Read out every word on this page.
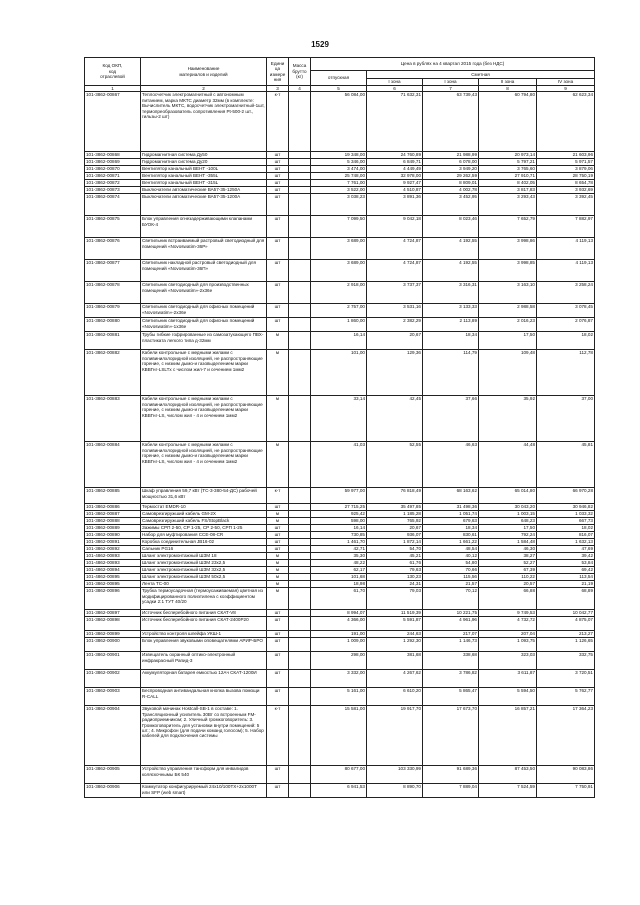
1529
Код ОКП,
код
отраслевой	Наименование
материалов и изделий	Едини
ца
измере
ния	Масса
брутто
(кг)	Цена в рублях на 4 квартал 2015 года (без НДС)				
				отпускная	Сметная			
					I зона	I зона	II зона	IV зона
1	2	3	4	5	6	7	8	9
101-3862-00867	Теплосчетчик электромагнитный с автономным питанием, марка МКТС диаметр 32мм (в комплекте: Вычислитель МКТС, водосчетчик электромагнитный-1шт, термопреобразователь сопротивления Pt-500-2 шт., гильзы-2 шт)	к-т		56 084,00	71 632,31	63 739,43	60 794,80	62 623,34
101-3862-00868	Гидромагнитная система Ду50	шт		19 348,00	24 760,89	21 988,99	20 973,14	21 603,96
101-3862-00869	Гидромагнитная система Ду20	шт		5 346,00	6 849,71	6 078,00	5 797,21	5 971,57
101-3862-00870	Вентилятор канальный ВЕНТ -100L	шт		3 474,00	4 449,49	3 949,20	3 765,60	3 879,06
101-3862-00871	Вентилятор канальный ВЕНТ -355L	шт		25 748,00	32 978,00	29 262,59	27 910,71	28 750,19
101-3862-00872	Вентилятор канальный ВЕНТ -315L	шт		7 761,00	9 927,47	8 809,01	8 402,05	8 654,78
101-3862-00873	Выключатели автоматические ВА57-35-1250А	шт		3 522,00	4 510,87	4 002,78	3 817,83	3 932,69
101-3862-00874	Выключатели автоматические ВА57-35-1200А	шт		3 038,23	3 891,36	3 452,95	3 293,43	3 392,45
101-3862-00875	Блок управления огнезадерживающими клапанами БУОК-4	шт		7 099,50	9 042,18	8 023,46	7 652,79	7 882,97
101-3862-00876	Светильник встраиваемый растровый светодиодный для помещений «Novoswatim-36Р»	шт		3 689,00	4 724,87	4 192,55	3 998,86	4 119,13
101-3862-00877	Светильник накладной растровый светодиодный для помещений «Novoswatim-36П»	шт		3 689,00	4 724,87	4 192,55	3 998,85	4 119,13
101-3862-00878	Светильник светодиодный для производственных помещений «Novoswatim»-2х36е	шт		2 918,00	3 737,37	3 316,31	3 163,10	3 258,24
101-3862-00879	Светильник светодиодный для офисных помещений «Novoswatim»-2х36е	шт		2 757,00	3 531,16	3 133,33	2 988,58	3 078,45
101-3862-00880	Светильник светодиодный для офисных помещений «Novoswatim»-1х36е	шт		1 860,00	2 382,29	2 113,89	2 016,23	2 076,87
101-3862-00881	Трубы гибкие гофрированные из самозатухающего ПВХ-пластиката легкого типа д-32мм	м		16,14	20,67	18,34	17,50	18,02
101-3862-00882	Кабели контрольные с медными жилами с поливинилхлоридной изоляцией, не распространяющие горение, с низким дымо-и газовыделением марки КВВГнг-LSLTx с числом жил-7 и сечением 1мм2	м		101,00	129,36	114,79	109,48	112,78
101-3862-00883	Кабели контрольные с медными жилами с поливинилхлоридной изоляцией, не распространяющие горение, с низким дымо-и газовыделением марки КВВГнг-LS, числом жил - 4 и сечением 1мм2	м		33,14	42,45	37,66	35,92	37,00
101-3862-00884	Кабели контрольные с медными жилами с поливинилхлоридной изоляцией, не распространяющие горение, с низким дымо-и газовыделением марки КВВГнг-LS, числом жил - 4 и сечением 1мм2	м		41,03	52,55	46,63	44,48	45,81
101-3862-00885	Шкаф управления 59,7 кВт (ТС-3-380-54-ДС) рабочей мощностью 31,6 кВт	к-т		59 977,00	76 818,49	68 163,62	65 014,80	66 970,28
101-3862-00886	Термостат EMDR-10	шт		27 715,25	35 497,85	31 498,36	30 043,20	30 946,82
101-3862-00887	Самоврезгиружший кабель GM-2X	м		925,42	1 185,28	1 051,74	1 003,15	1 033,32
101-3862-00888	Самоврезгиружший кабель FS/StopBlack	м		598,00	765,92	679,63	648,23	667,73
101-3862-00889	Зажимы СРП 2-50, СР 1-25, СР 2-50, СРП 1-25	шт		16,14	20,67	18,34	17,50	18,02
101-3862-00890	Набор для муфтирования CCE-08-CR	шт		730,85	936,07	830,61	792,24	816,07
101-3862-00891	Коробка соединительная JB16-02	шт		1 461,70	1 872,14	1 661,22	1 584,48	1 632,13
101-3862-00892	Сальник PG16	шт		42,71	54,70	48,54	46,30	47,69
101-4862-00893	Шланг электромонтажный ШЗМ 18	м		35,30	45,21	40,12	38,27	39,42
101-4862-00893	Шланг электромонтажный ШЗМ 23х2,5	м		48,22	61,76	54,80	52,27	53,84
101-4862-00894	Шланг электромонтажный ШЗМ 32х2,5	м		62,17	79,63	70,66	67,39	69,42
101-4862-00895	Шланг электромонтажный ШЗМ 50х2,5	м		101,68	130,23	115,56	110,22	113,54
101-3862-00895	Лента ТС-00	м		18,98	24,31	21,57	20,57	21,19
101-3862-00896	Трубка термоусадочная (термоусаживаемая) цветная из модифицированного полиэтилена с коэффициентом усадки 2:1 ТУТ 40/20	м		61,70	79,03	70,12	66,88	68,89
101-3862-00897	Источник бесперебойного питания СКАТ-V8	шт		8 994,07	11 519,39	10 221,75	9 749,53	10 042,77
101-3862-00898	Источник бесперебойного питания СКАТ-2400Р20	шт		4 366,00	5 591,87	4 961,96	4 732,72	4 875,07
101-3862-00899	Устройство контроля шлейфа УКШ-1	шт		191,00	244,63	217,07	207,04	213,27
101-3862-00900	Блок управления звуковыми оповещателями APИP-БРО	шт		1 009,00	1 292,30	1 146,73	1 093,75	1 126,65
101-3862-00901	Извещатель охранный оптико-электронный инфракрасный Рапид-3	шт		298,00	381,68	338,68	323,03	332,75
101-3862-00902	Аккумуляторная батарея емкостью 12Ач СКАТ-1200И	шт		3 332,00	4 267,62	3 786,82	3 611,87	3 720,51
101-3862-00903	Беспроводная антивандальная кнопка вызова помощи R-CALL	шт		5 161,00	6 610,20	5 865,47	5 594,50	5 762,77
101-3862-00904	Звуковой мачинак Hostcall-SB-1 в составе: 1. Трансляционный усилитель 30Вт со встроенным FM- радиоприемником; 2. Уличный громкоговоритель: 3. Громкоговоритель для установки внутри помещений: 5 шт.; 4. Микрофон (для подачи команд голосом); 5. Набор кабелей для подключения системы	к-т		15 581,00	19 917,70	17 673,70	16 857,21	17 364,23
101-3862-00905	Устройство управления тансформ для инвалидов коляскочнымы БК 540	шт		80 677,00	103 330,99	91 689,36	87 453,50	90 083,86
101-3862-00906	Коммутатор конфигурируемый 24х10/100ТХ+2х1000Т или SFP (web smart)	шт		6 941,53	8 890,70	7 889,04	7 524,59	7 750,91
